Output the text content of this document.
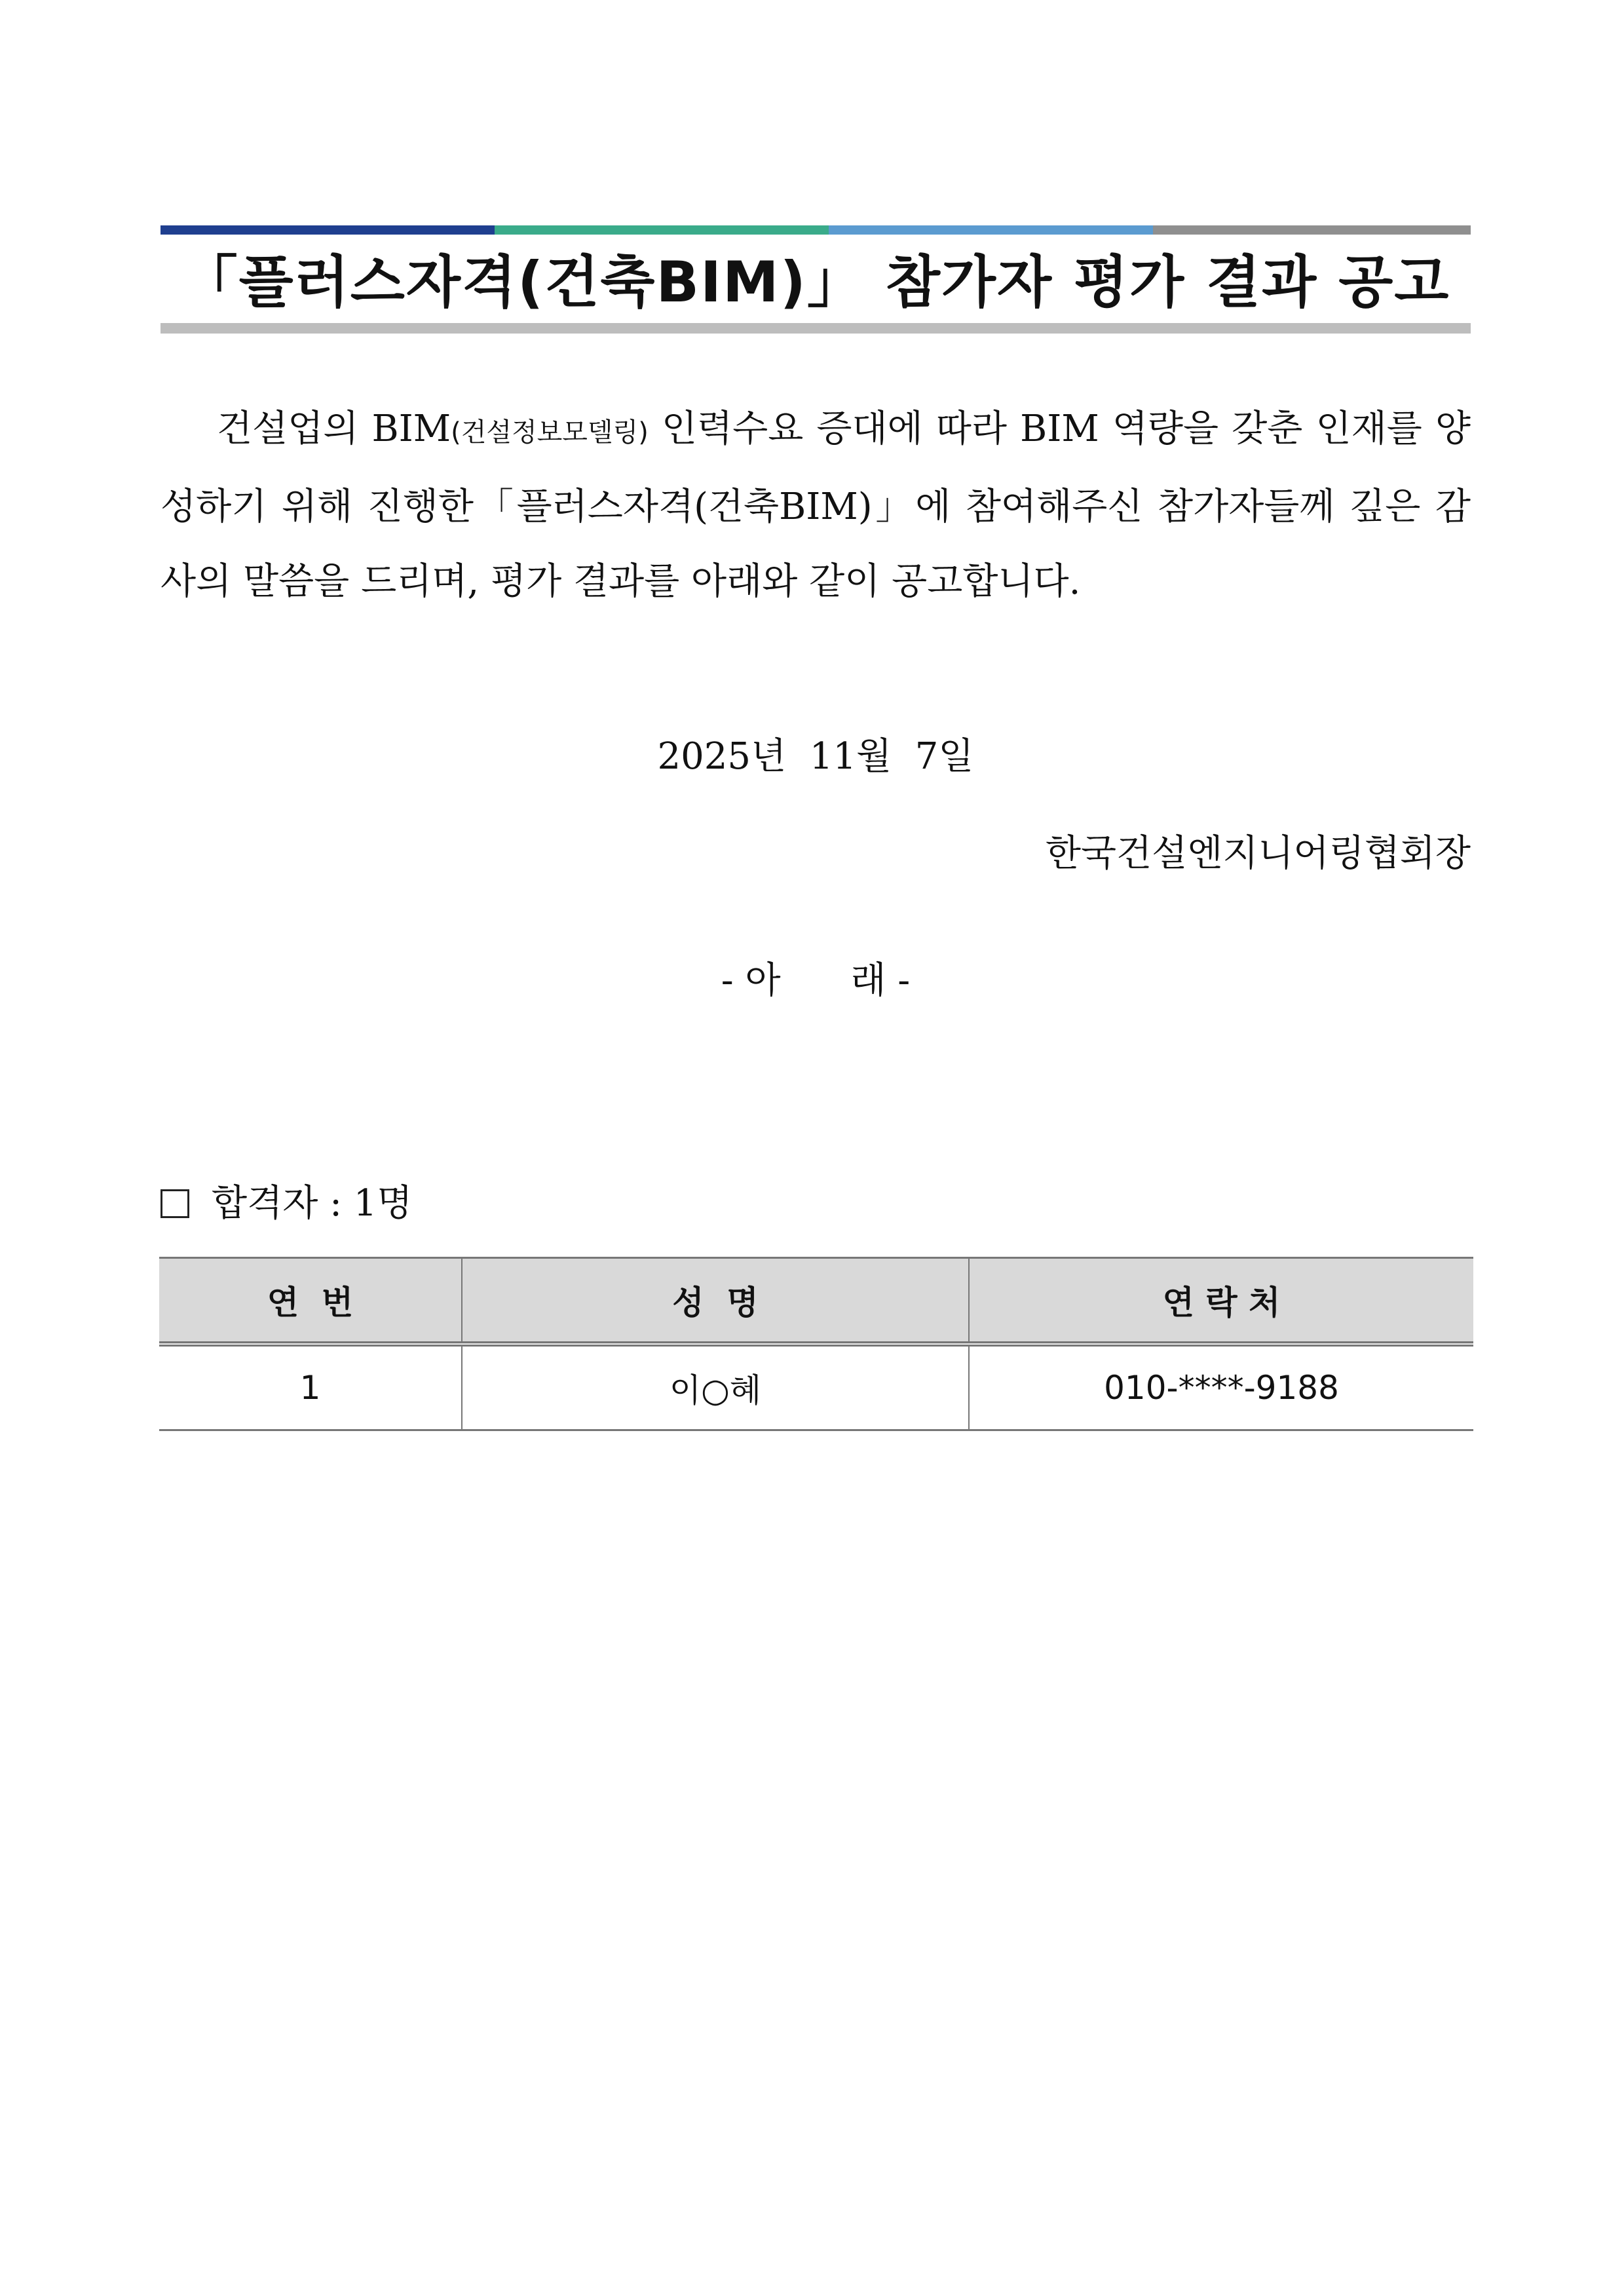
「플러스자격(건축BIM)」 참가자 평가 결과 공고

건설업의 BIM(건설정보모델링) 인력수요 증대에 따라 BIM 역량을 갖춘 인재를 양성하기 위해 진행한「플러스자격(건축BIM)」에 참여해주신 참가자들께 깊은 감사의 말씀을 드리며, 평가 결과를 아래와 같이 공고합니다.

2025년  11월  7일
한국건설엔지니어링협회장
- 아      래 -
합격자 : 1명
연  번	성  명	연 락 처
1	이○혜	010-****-9188
